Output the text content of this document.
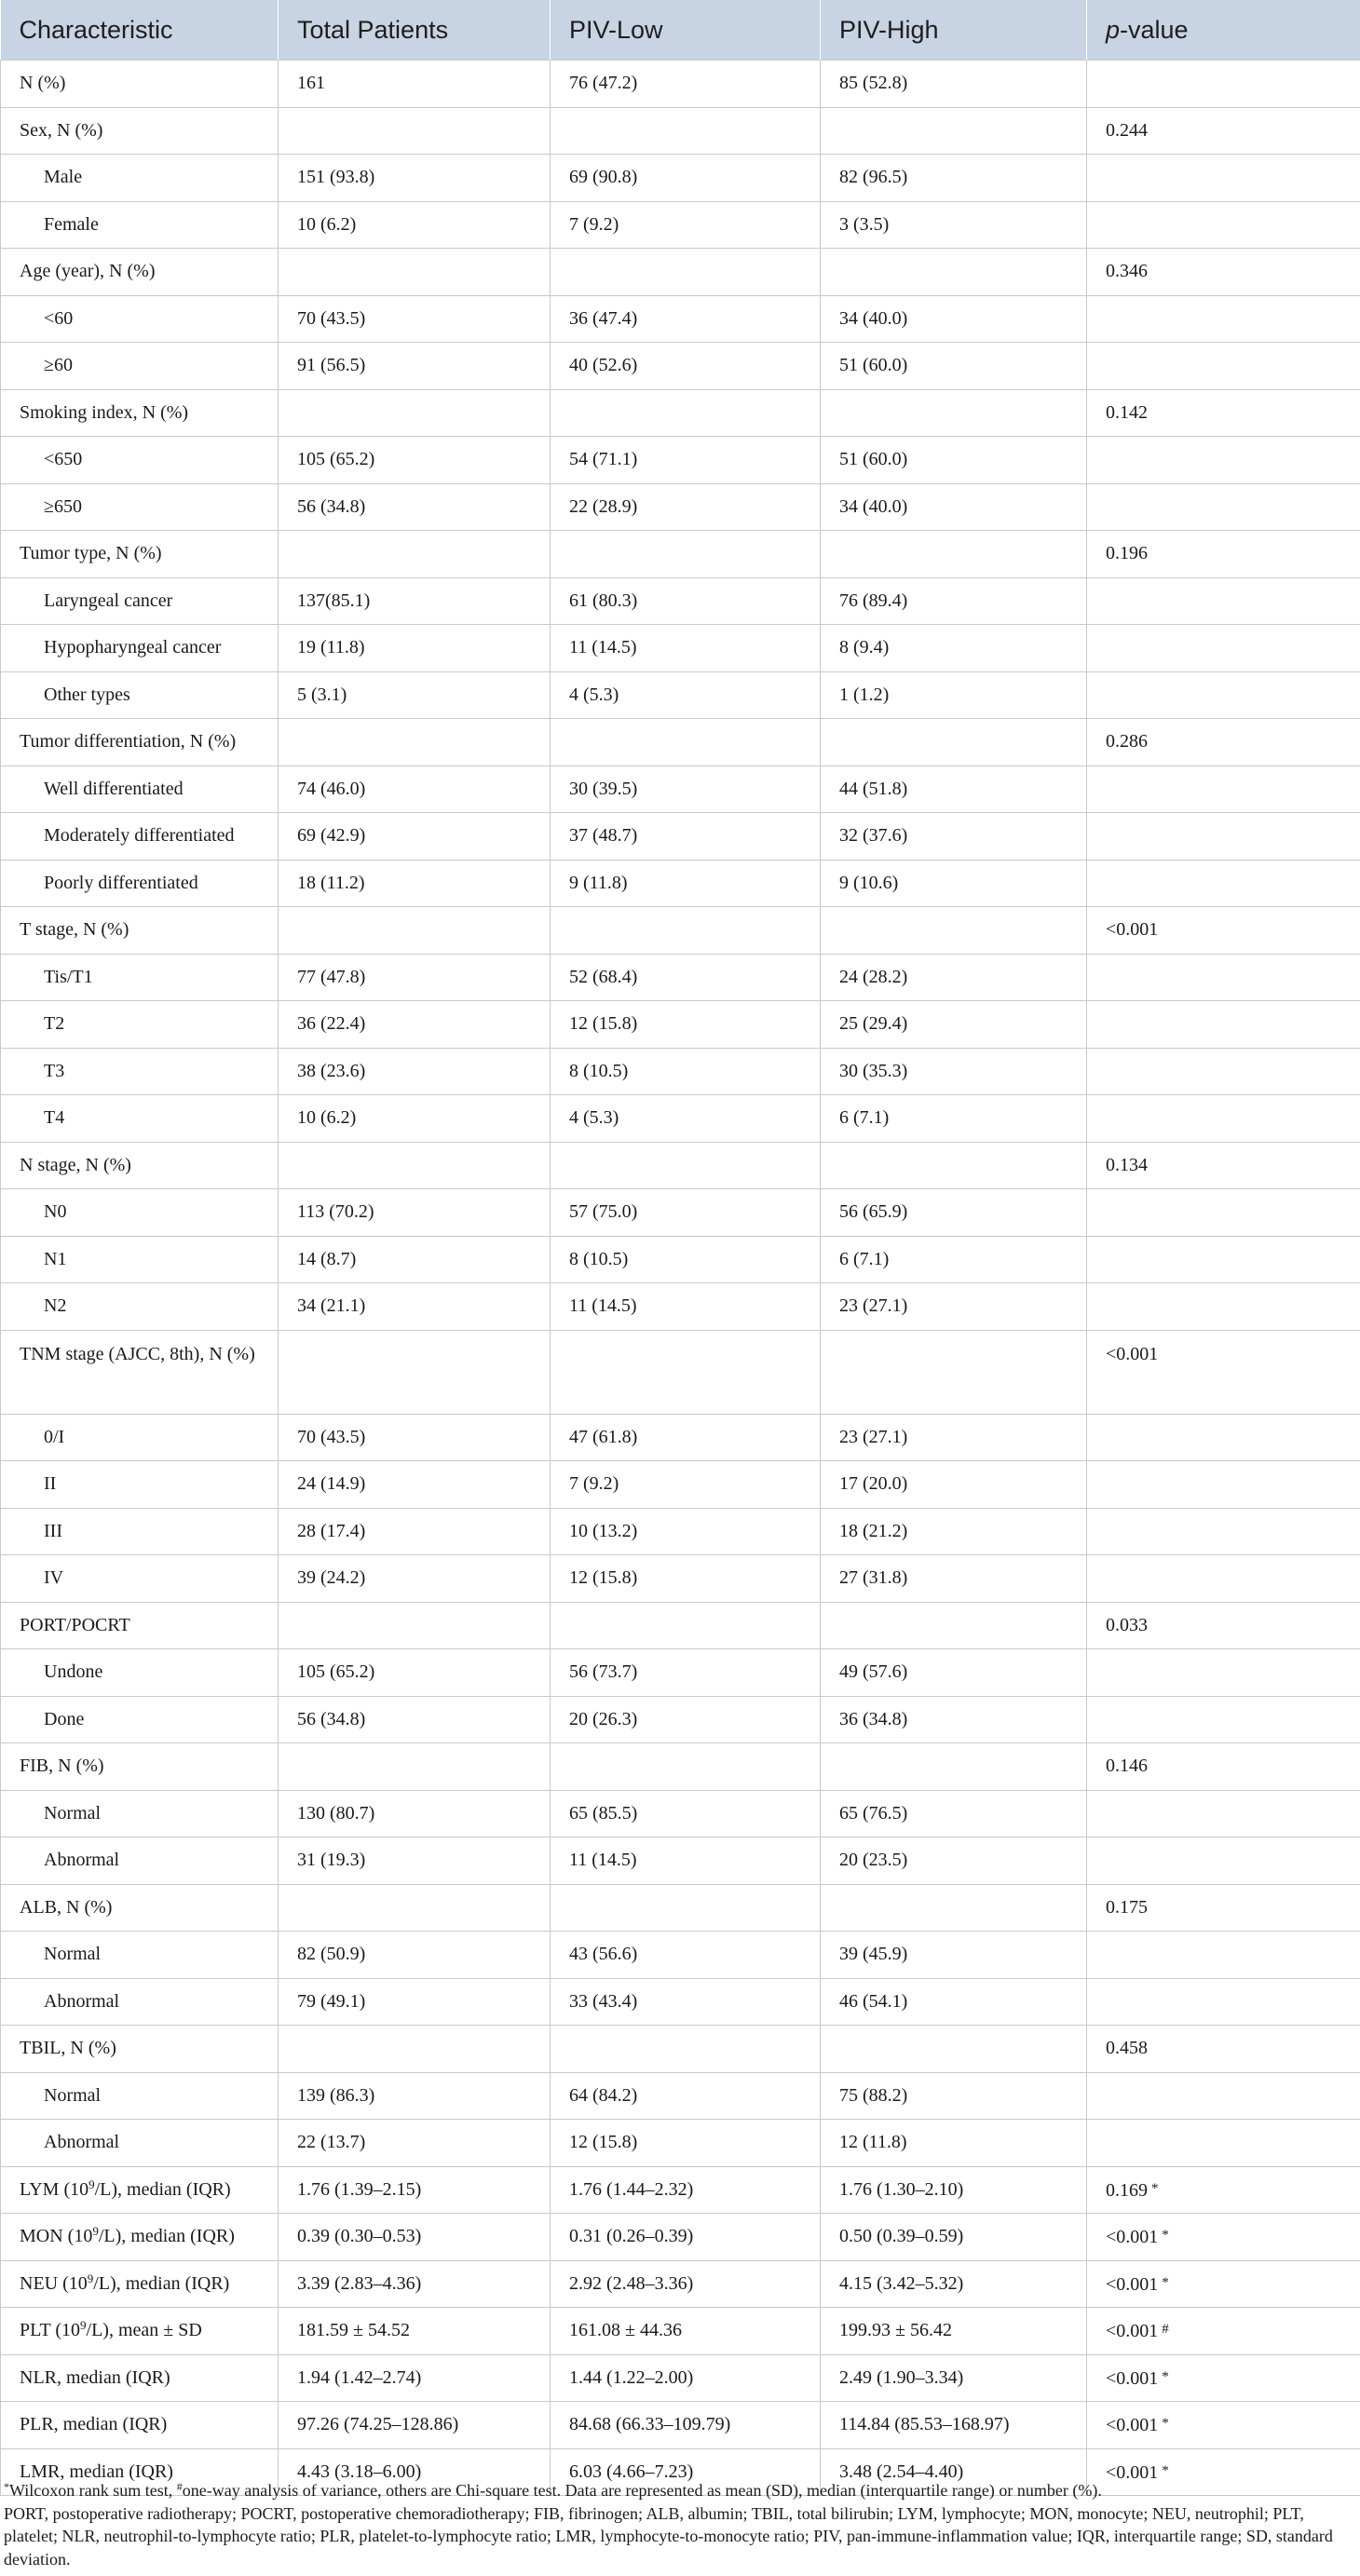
Characteristic	Total Patients	PIV-Low	PIV-High	p-value
N (%)	161	76 (47.2)	85 (52.8)	
Sex, N (%)				0.244
Male	151 (93.8)	69 (90.8)	82 (96.5)	
Female	10 (6.2)	7 (9.2)	3 (3.5)	
Age (year), N (%)				0.346
<60	70 (43.5)	36 (47.4)	34 (40.0)	
≥60	91 (56.5)	40 (52.6)	51 (60.0)	
Smoking index, N (%)				0.142
<650	105 (65.2)	54 (71.1)	51 (60.0)	
≥650	56 (34.8)	22 (28.9)	34 (40.0)	
Tumor type, N (%)				0.196
Laryngeal cancer	137(85.1)	61 (80.3)	76 (89.4)	
Hypopharyngeal cancer	19 (11.8)	11 (14.5)	8 (9.4)	
Other types	5 (3.1)	4 (5.3)	1 (1.2)	
Tumor differentiation, N (%)				0.286
Well differentiated	74 (46.0)	30 (39.5)	44 (51.8)	
Moderately differentiated	69 (42.9)	37 (48.7)	32 (37.6)	
Poorly differentiated	18 (11.2)	9 (11.8)	9 (10.6)	
T stage, N (%)				<0.001
Tis/T1	77 (47.8)	52 (68.4)	24 (28.2)	
T2	36 (22.4)	12 (15.8)	25 (29.4)	
T3	38 (23.6)	8 (10.5)	30 (35.3)	
T4	10 (6.2)	4 (5.3)	6 (7.1)	
N stage, N (%)				0.134
N0	113 (70.2)	57 (75.0)	56 (65.9)	
N1	14 (8.7)	8 (10.5)	6 (7.1)	
N2	34 (21.1)	11 (14.5)	23 (27.1)	
TNM stage (AJCC, 8th), N (%)				<0.001
0/I	70 (43.5)	47 (61.8)	23 (27.1)	
II	24 (14.9)	7 (9.2)	17 (20.0)	
III	28 (17.4)	10 (13.2)	18 (21.2)	
IV	39 (24.2)	12 (15.8)	27 (31.8)	
PORT/POCRT				0.033
Undone	105 (65.2)	56 (73.7)	49 (57.6)	
Done	56 (34.8)	20 (26.3)	36 (34.8)	
FIB, N (%)				0.146
Normal	130 (80.7)	65 (85.5)	65 (76.5)	
Abnormal	31 (19.3)	11 (14.5)	20 (23.5)	
ALB, N (%)				0.175
Normal	82 (50.9)	43 (56.6)	39 (45.9)	
Abnormal	79 (49.1)	33 (43.4)	46 (54.1)	
TBIL, N (%)				0.458
Normal	139 (86.3)	64 (84.2)	75 (88.2)	
Abnormal	22 (13.7)	12 (15.8)	12 (11.8)	
LYM $(10^9/L)$, median (IQR)	1.76 (1.39–2.15)	1.76 (1.44–2.32)	1.76 (1.30–2.10)	0.169 *
MON $(10^9/L)$, median (IQR)	0.39 (0.30–0.53)	0.31 (0.26–0.39)	0.50 (0.39–0.59)	<0.001 *
NEU $(10^9/L)$, median (IQR)	3.39 (2.83–4.36)	2.92 (2.48–3.36)	4.15 (3.42–5.32)	<0.001 *
PLT $(10^9/L)$, mean ± SD	181.59 ± 54.52	161.08 ± 44.36	199.93 ± 56.42	<0.001 #
NLR, median (IQR)	1.94 (1.42–2.74)	1.44 (1.22–2.00)	2.49 (1.90–3.34)	<0.001 *
PLR, median (IQR)	97.26 (74.25–128.86)	84.68 (66.33–109.79)	114.84 (85.53–168.97)	<0.001 *
LMR, median (IQR)	4.43 (3.18–6.00)	6.03 (4.66–7.23)	3.48 (2.54–4.40)	<0.001 *

*Wilcoxon rank sum test, #one-way analysis of variance, others are Chi-square test. Data are represented as mean (SD), median (interquartile range) or number (%).

PORT, postoperative radiotherapy; POCRT, postoperative chemoradiotherapy; FIB, fibrinogen; ALB, albumin; TBIL, total bilirubin; LYM, lymphocyte; MON, monocyte; NEU, neutrophil; PLT, platelet; NLR, neutrophil-to-lymphocyte ratio; PLR, platelet-to-lymphocyte ratio; LMR, lymphocyte-to-monocyte ratio; PIV, pan-immune-inflammation value; IQR, interquartile range; SD, standard deviation.
